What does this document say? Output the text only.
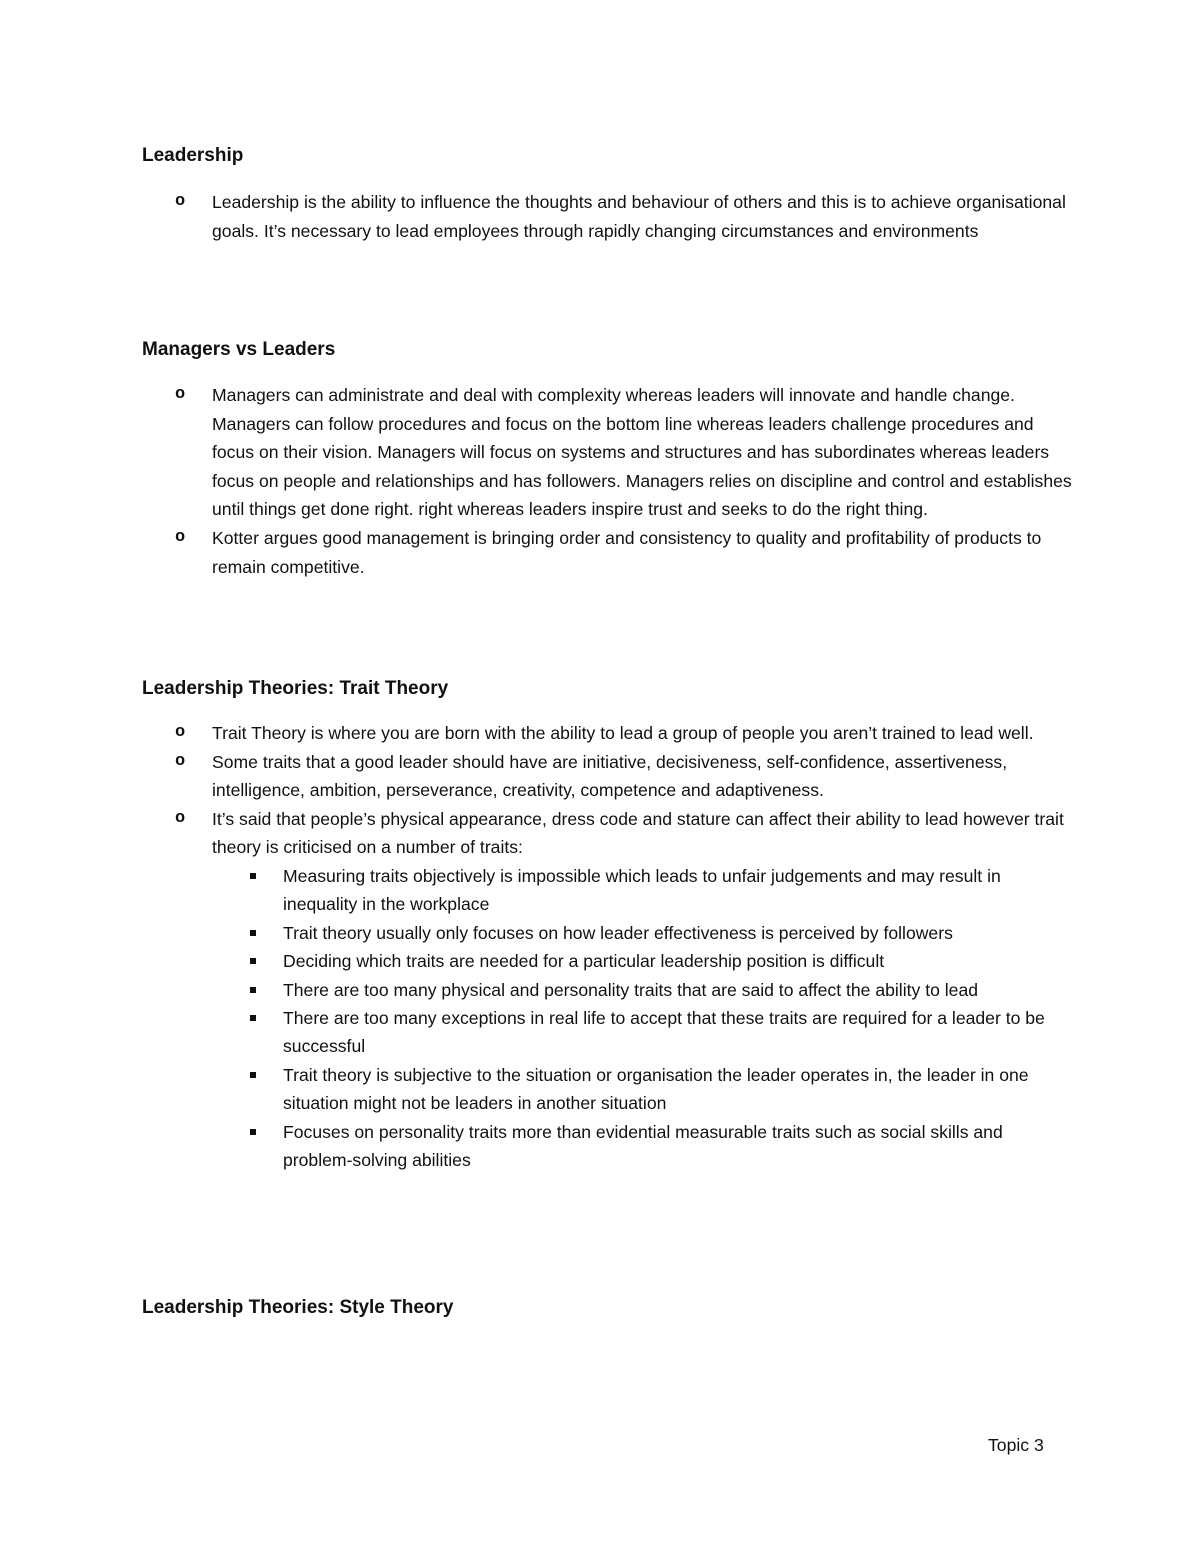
Leadership
o Leadership is the ability to influence the thoughts and behaviour of others and this is to achieve organisational goals. It’s necessary to lead employees through rapidly changing circumstances and environments
Managers vs Leaders
o Managers can administrate and deal with complexity whereas leaders will innovate and handle change. Managers can follow procedures and focus on the bottom line whereas leaders challenge procedures and focus on their vision. Managers will focus on systems and structures and has subordinates whereas leaders focus on people and relationships and has followers. Managers relies on discipline and control and establishes until things get done right. right whereas leaders inspire trust and seeks to do the right thing.
o Kotter argues good management is bringing order and consistency to quality and profitability of products to remain competitive.
Leadership Theories: Trait Theory
o Trait Theory is where you are born with the ability to lead a group of people you aren’t trained to lead well.
o Some traits that a good leader should have are initiative, decisiveness, self-confidence, assertiveness, intelligence, ambition, perseverance, creativity, competence and adaptiveness.
o It’s said that people’s physical appearance, dress code and stature can affect their ability to lead however trait theory is criticised on a number of traits:
Measuring traits objectively is impossible which leads to unfair judgements and may result in inequality in the workplace
Trait theory usually only focuses on how leader effectiveness is perceived by followers
Deciding which traits are needed for a particular leadership position is difficult
There are too many physical and personality traits that are said to affect the ability to lead
There are too many exceptions in real life to accept that these traits are required for a leader to be successful
Trait theory is subjective to the situation or organisation the leader operates in, the leader in one situation might not be leaders in another situation
Focuses on personality traits more than evidential measurable traits such as social skills and problem-solving abilities
Leadership Theories: Style Theory

Topic 3
